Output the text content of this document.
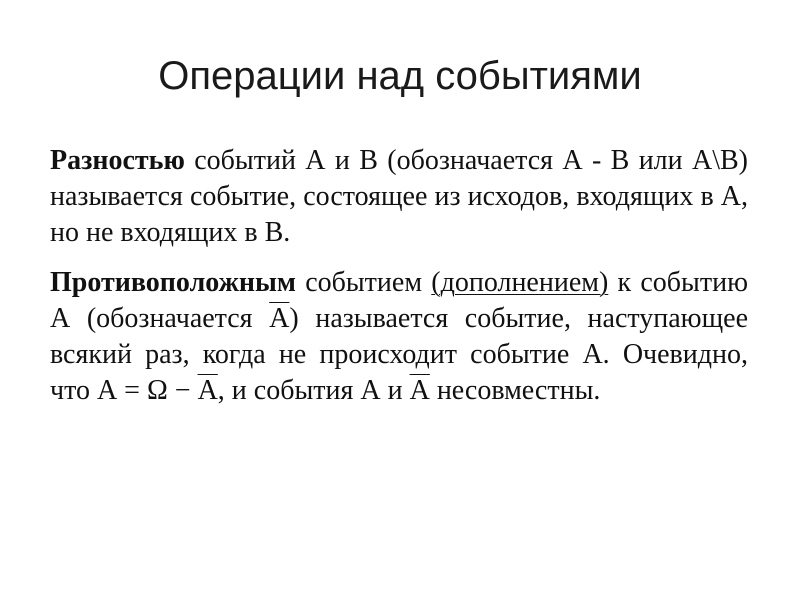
Операции над событиями

Разностью событий А и В (обозначается А - В или А\В) называется событие, состоящее из исходов, входящих в А, но не входящих в В.

Противоположным событием (дополнением) к событию А (обозначается А) называется событие, наступающее всякий раз, когда не происходит событие А. Очевидно, что А = Ω − А, и события А и А несовместны.
